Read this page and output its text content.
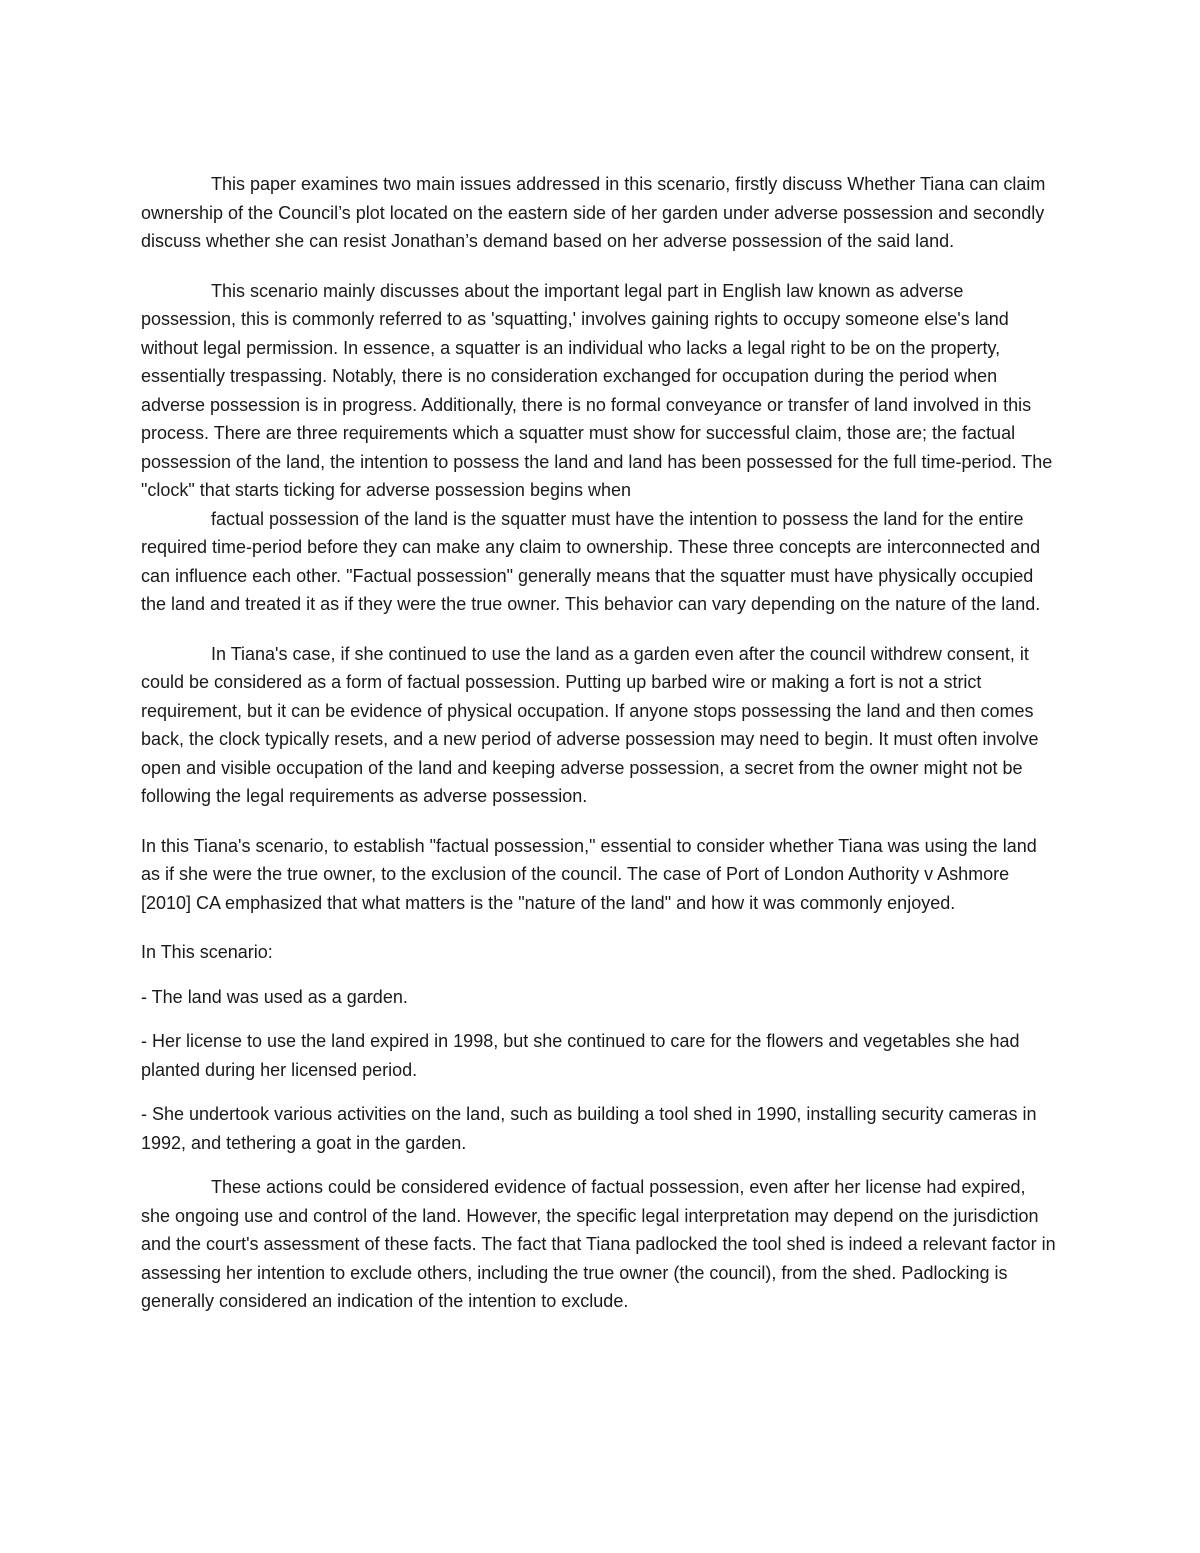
This paper examines two main issues addressed in this scenario, firstly discuss Whether Tiana can claim ownership of the Council’s plot located on the eastern side of her garden under adverse possession and secondly discuss whether she can resist Jonathan’s demand based on her adverse possession of the said land.

This scenario mainly discusses about the important legal part in English law known as adverse possession, this is commonly referred to as 'squatting,' involves gaining rights to occupy someone else's land without legal permission. In essence, a squatter is an individual who lacks a legal right to be on the property, essentially trespassing. Notably, there is no consideration exchanged for occupation during the period when adverse possession is in progress. Additionally, there is no formal conveyance or transfer of land involved in this process. There are three requirements which a squatter must show for successful claim, those are; the factual possession of the land, the intention to possess the land and land has been possessed for the full time-period. The "clock" that starts ticking for adverse possession begins when

factual possession of the land is the squatter must have the intention to possess the land for the entire required time-period before they can make any claim to ownership. These three concepts are interconnected and can influence each other. "Factual possession" generally means that the squatter must have physically occupied the land and treated it as if they were the true owner. This behavior can vary depending on the nature of the land.

In Tiana's case, if she continued to use the land as a garden even after the council withdrew consent, it could be considered as a form of factual possession. Putting up barbed wire or making a fort is not a strict requirement, but it can be evidence of physical occupation. If anyone stops possessing the land and then comes back, the clock typically resets, and a new period of adverse possession may need to begin. It must often involve open and visible occupation of the land and keeping adverse possession, a secret from the owner might not be following the legal requirements as adverse possession.

In this Tiana's scenario, to establish "factual possession," essential to consider whether Tiana was using the land as if she were the true owner, to the exclusion of the council. The case of Port of London Authority v Ashmore [2010] CA emphasized that what matters is the "nature of the land" and how it was commonly enjoyed.

In This scenario:

- The land was used as a garden.

- Her license to use the land expired in 1998, but she continued to care for the flowers and vegetables she had planted during her licensed period.

- She undertook various activities on the land, such as building a tool shed in 1990, installing security cameras in 1992, and tethering a goat in the garden.

These actions could be considered evidence of factual possession, even after her license had expired, she ongoing use and control of the land. However, the specific legal interpretation may depend on the jurisdiction and the court's assessment of these facts. The fact that Tiana padlocked the tool shed is indeed a relevant factor in assessing her intention to exclude others, including the true owner (the council), from the shed. Padlocking is generally considered an indication of the intention to exclude.
